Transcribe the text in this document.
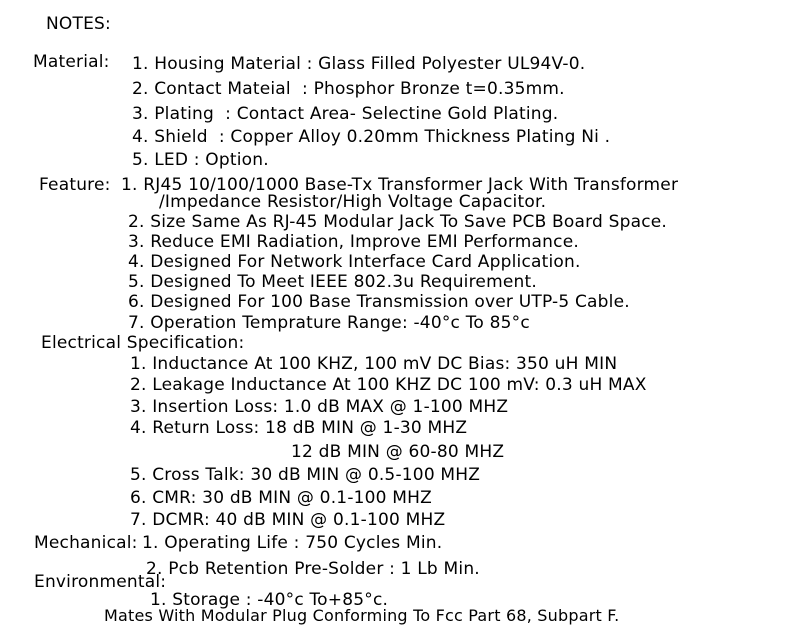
NOTES:
Material: 1. Housing Material : Glass Filled Polyester UL94V-0.
2. Contact Mateial  : Phosphor Bronze t=0.35mm.
3. Plating  : Contact Area- Selectine Gold Plating.
4. Shield  : Copper Alloy 0.20mm Thickness Plating Ni .
5. LED : Option.
Feature: 1. RJ45 10/100/1000 Base-Tx Transformer Jack With Transformer
/Impedance Resistor/High Voltage Capacitor.
2. Size Same As RJ-45 Modular Jack To Save PCB Board Space.
3. Reduce EMI Radiation, Improve EMI Performance.
4. Designed For Network Interface Card Application.
5. Designed To Meet IEEE 802.3u Requirement.
6. Designed For 100 Base Transmission over UTP-5 Cable.
7. Operation Temprature Range: -40°c To 85°c
Electrical Specification:
1. Inductance At 100 KHZ, 100 mV DC Bias: 350 uH MIN
2. Leakage Inductance At 100 KHZ DC 100 mV: 0.3 uH MAX
3. Insertion Loss: 1.0 dB MAX @ 1-100 MHZ
4. Return Loss: 18 dB MIN @ 1-30 MHZ
12 dB MIN @ 60-80 MHZ
5. Cross Talk: 30 dB MIN @ 0.5-100 MHZ
6. CMR: 30 dB MIN @ 0.1-100 MHZ
7. DCMR: 40 dB MIN @ 0.1-100 MHZ
Mechanical: 1. Operating Life : 750 Cycles Min.
2. Pcb Retention Pre-Solder : 1 Lb Min.
Environmental:
1. Storage : -40°c To+85°c.
Mates With Modular Plug Conforming To Fcc Part 68, Subpart F.
